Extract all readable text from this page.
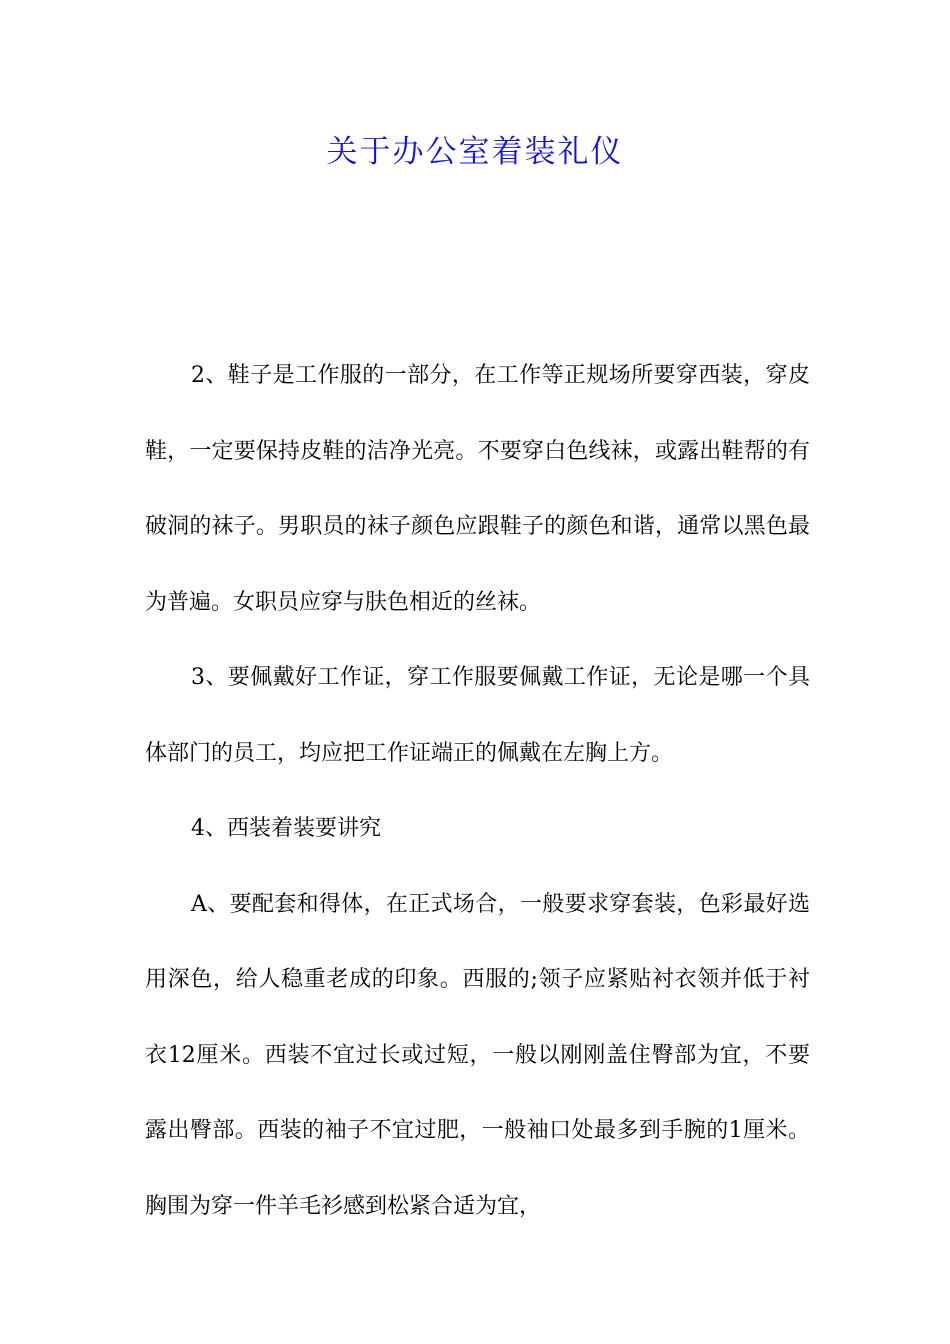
关于办公室着装礼仪

2、鞋子是工作服的一部分，在工作等正规场所要穿西装，穿皮鞋，一定要保持皮鞋的洁净光亮。不要穿白色线袜，或露出鞋帮的有破洞的袜子。男职员的袜子颜色应跟鞋子的颜色和谐，通常以黑色最为普遍。女职员应穿与肤色相近的丝袜。

3、要佩戴好工作证，穿工作服要佩戴工作证，无论是哪一个具体部门的员工，均应把工作证端正的佩戴在左胸上方。

4、西装着装要讲究

A、要配套和得体，在正式场合，一般要求穿套装，色彩最好选用深色，给人稳重老成的印象。西服的;领子应紧贴衬衣领并低于衬衣12厘米。西装不宜过长或过短，一般以刚刚盖住臀部为宜，不要露出臀部。西装的袖子不宜过肥，一般袖口处最多到手腕的1厘米。胸围为穿一件羊毛衫感到松紧合适为宜，
